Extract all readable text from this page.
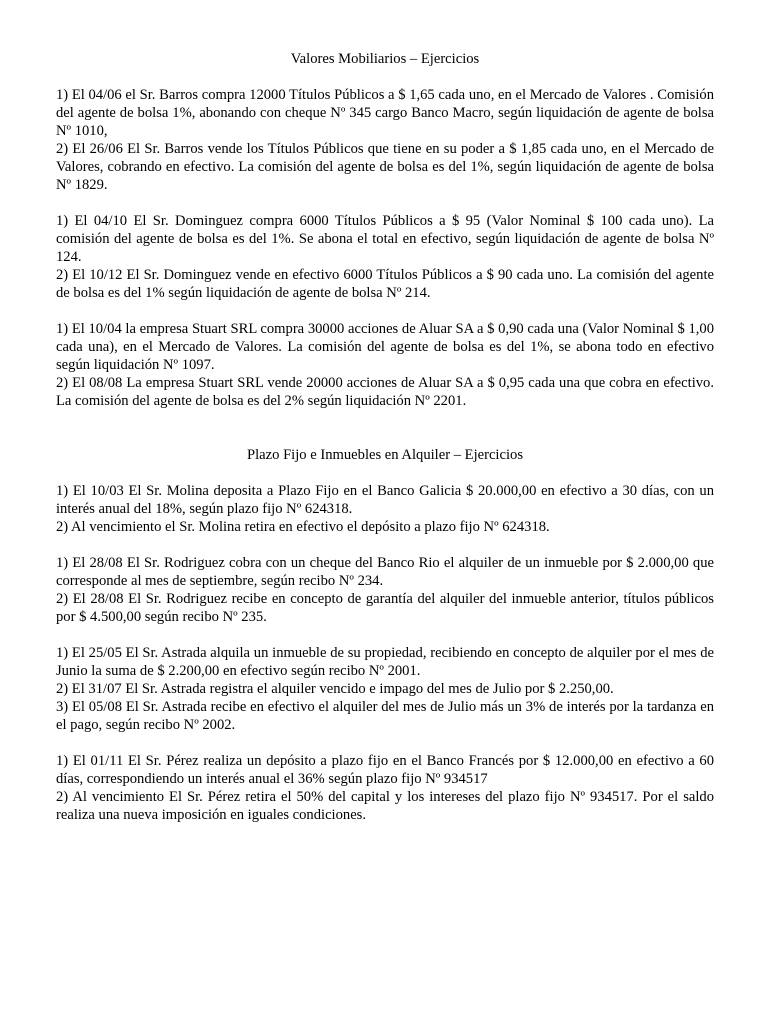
Valores Mobiliarios – Ejercicios

1) El 04/06 el Sr. Barros compra 12000 Títulos Públicos a $ 1,65 cada uno, en el Mercado de Valores . Comisión del agente de bolsa 1%, abonando con cheque Nº 345 cargo Banco Macro, según liquidación de agente de bolsa Nº 1010,

2) El 26/06 El Sr. Barros vende los Títulos Públicos que tiene en su poder a $ 1,85 cada uno, en el Mercado de Valores, cobrando en efectivo. La comisión del agente de bolsa es del 1%, según liquidación de agente de bolsa Nº 1829.

1) El 04/10 El Sr. Dominguez compra 6000 Títulos Públicos a $ 95 (Valor Nominal $ 100 cada uno). La comisión del agente de bolsa es del 1%. Se abona el total en efectivo, según liquidación de agente de bolsa Nº 124.

2) El 10/12 El Sr. Dominguez vende en efectivo 6000 Títulos Públicos a $ 90 cada uno. La comisión del agente de bolsa es del 1% según liquidación de agente de bolsa Nº 214.

1) El 10/04 la empresa Stuart SRL compra 30000 acciones de Aluar SA a $ 0,90 cada una (Valor Nominal $ 1,00 cada una), en el Mercado de Valores. La comisión del agente de bolsa es del 1%, se abona todo en efectivo según liquidación Nº 1097.

2) El 08/08 La empresa Stuart SRL vende 20000 acciones de Aluar SA a $ 0,95 cada una que cobra en efectivo. La comisión del agente de bolsa es del 2% según liquidación Nº 2201.

Plazo Fijo e Inmuebles en Alquiler – Ejercicios

1) El 10/03 El Sr. Molina deposita a Plazo Fijo en el Banco Galicia $ 20.000,00 en efectivo a 30 días, con un interés anual del 18%, según plazo fijo Nº 624318.

2) Al vencimiento el Sr. Molina retira en efectivo el depósito a plazo fijo Nº 624318.

1) El 28/08 El Sr. Rodriguez cobra con un cheque del Banco Rio el alquiler de un inmueble por $ 2.000,00 que corresponde al mes de septiembre, según recibo Nº 234.

2) El 28/08 El Sr. Rodriguez recibe en concepto de garantía del alquiler del inmueble anterior, títulos públicos por $ 4.500,00 según recibo Nº 235.

1) El 25/05 El Sr. Astrada alquila un inmueble de su propiedad, recibiendo en concepto de alquiler por el mes de Junio la suma de $ 2.200,00 en efectivo según recibo Nº 2001.

2) El 31/07 El Sr. Astrada registra el alquiler vencido e impago del mes de Julio por $ 2.250,00.

3) El 05/08 El Sr. Astrada recibe en efectivo el alquiler del mes de Julio más un 3% de interés por la tardanza en el pago, según recibo Nº 2002.

1) El 01/11 El Sr. Pérez realiza un depósito a plazo fijo en el Banco Francés por $ 12.000,00 en efectivo a 60 días, correspondiendo un interés anual el 36% según plazo fijo Nº 934517

2) Al vencimiento El Sr. Pérez retira el 50% del capital y los intereses del plazo fijo Nº 934517. Por el saldo realiza una nueva imposición en iguales condiciones.
